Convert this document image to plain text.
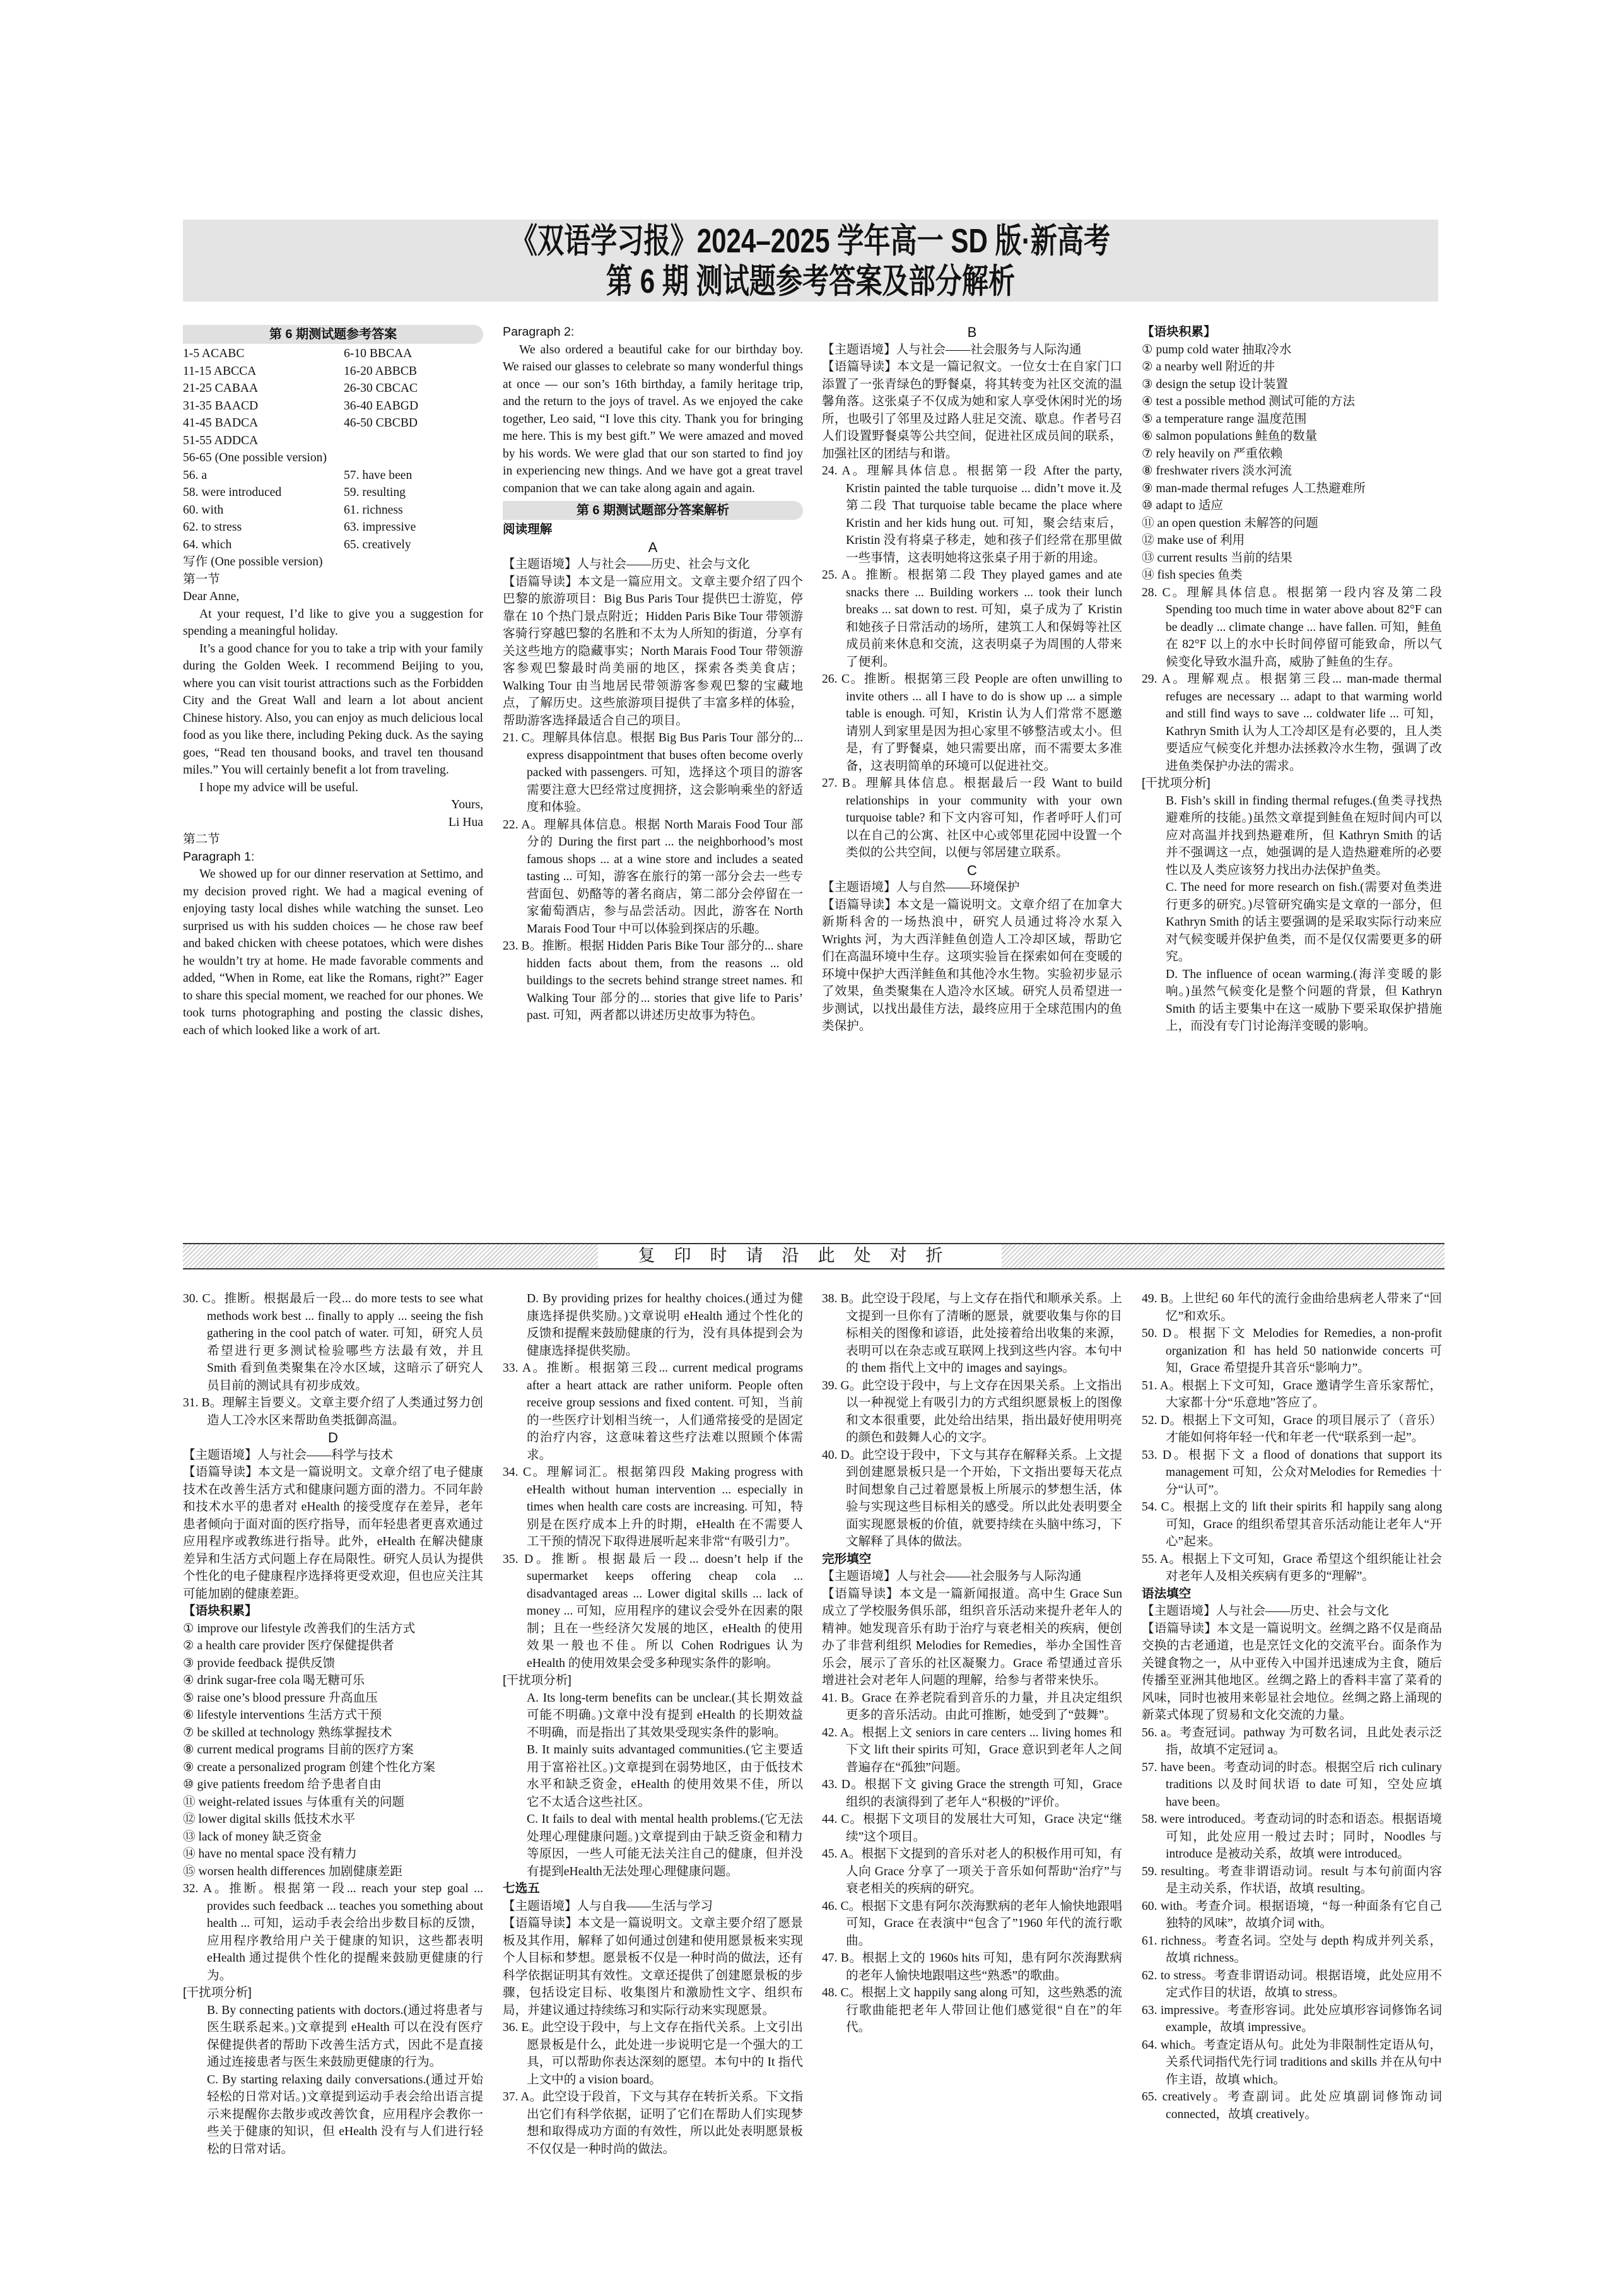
《双语学习报》2024–2025 学年高一 SD 版·新高考
第 6 期 测试题参考答案及部分解析
第 6 期测试题参考答案
1-5 ACABC	6-10 BBCAA
11-15 ABCCA	16-20 ABBCB
21-25 CABAA	26-30 CBCAC
31-35 BAACD	36-40 EABGD
41-45 BADCA	46-50 CBCBD
51-55 ADDCA

56-65 (One possible version)

56. a	57. have been
58. were introduced	59. resulting
60. with	61. richness
62. to stress	63. impressive
64. which	65. creatively

写作 (One possible version)

第一节

Dear Anne,

At your request, I’d like to give you a suggestion for spending a meaningful holiday.

It’s a good chance for you to take a trip with your family during the Golden Week. I recommend Beijing to you, where you can visit tourist attractions such as the Forbidden City and the Great Wall and learn a lot about ancient Chinese history. Also, you can enjoy as much delicious local food as you like there, including Peking duck. As the saying goes, “Read ten thousand books, and travel ten thousand miles.” You will certainly benefit a lot from traveling.

I hope my advice will be useful.

Yours,

Li Hua

第二节

Paragraph 1:

We showed up for our dinner reservation at Settimo, and my decision proved right. We had a magical evening of enjoying tasty local dishes while watching the sunset. Leo surprised us with his sudden choices — he chose raw beef and baked chicken with cheese potatoes, which were dishes he wouldn’t try at home. He made favorable comments and added, “When in Rome, eat like the Romans, right?” Eager to share this special moment, we reached for our phones. We took turns photographing and posting the classic dishes, each of which looked like a work of art.

Paragraph 2:

We also ordered a beautiful cake for our birthday boy. We raised our glasses to celebrate so many wonderful things at once — our son’s 16th birthday, a family heritage trip, and the return to the joys of travel. As we enjoyed the cake together, Leo said, “I love this city. Thank you for bringing me here. This is my best gift.” We were amazed and moved by his words. We were glad that our son started to find joy in experiencing new things. And we have got a great travel companion that we can take along again and again.

第 6 期测试题部分答案解析

阅读理解

A

【主题语境】人与社会——历史、社会与文化

【语篇导读】本文是一篇应用文。文章主要介绍了四个巴黎的旅游项目：Big Bus Paris Tour 提供巴士游览，停靠在 10 个热门景点附近；Hidden Paris Bike Tour 带领游客骑行穿越巴黎的名胜和不太为人所知的街道，分享有关这些地方的隐藏事实；North Marais Food Tour 带领游客参观巴黎最时尚美丽的地区，探索各类美食店；Walking Tour 由当地居民带领游客参观巴黎的宝藏地点，了解历史。这些旅游项目提供了丰富多样的体验，帮助游客选择最适合自己的项目。

21. C。理解具体信息。根据 Big Bus Paris Tour 部分的... express disappointment that buses often become overly packed with passengers. 可知，选择这个项目的游客需要注意大巴经常过度拥挤，这会影响乘坐的舒适度和体验。

22. A。理解具体信息。根据 North Marais Food Tour 部分的 During the first part ... the neighborhood’s most famous shops ... at a wine store and includes a seated tasting ... 可知，游客在旅行的第一部分会去一些专营面包、奶酪等的著名商店，第二部分会停留在一家葡萄酒店，参与品尝活动。因此，游客在 North Marais Food Tour 中可以体验到探店的乐趣。

23. B。推断。根据 Hidden Paris Bike Tour 部分的... share hidden facts about them, from the reasons ... old buildings to the secrets behind strange street names. 和 Walking Tour 部分的... stories that give life to Paris’ past. 可知，两者都以讲述历史故事为特色。

B

【主题语境】人与社会——社会服务与人际沟通

【语篇导读】本文是一篇记叙文。一位女士在自家门口添置了一张青绿色的野餐桌，将其转变为社区交流的温馨角落。这张桌子不仅成为她和家人享受休闲时光的场所，也吸引了邻里及过路人驻足交流、歇息。作者号召人们设置野餐桌等公共空间，促进社区成员间的联系，加强社区的团结与和谐。

24. A。理解具体信息。根据第一段 After the party, Kristin painted the table turquoise ... didn’t move it.及第二段 That turquoise table became the place where Kristin and her kids hung out. 可知，聚会结束后，Kristin 没有将桌子移走，她和孩子们经常在那里做一些事情，这表明她将这张桌子用于新的用途。

25. A。推断。根据第二段 They played games and ate snacks there ... Building workers ... took their lunch breaks ... sat down to rest. 可知，桌子成为了 Kristin 和她孩子日常活动的场所，建筑工人和保姆等社区成员前来休息和交流，这表明桌子为周围的人带来了便利。

26. C。推断。根据第三段 People are often unwilling to invite others ... all I have to do is show up ... a simple table is enough. 可知，Kristin 认为人们常常不愿邀请别人到家里是因为担心家里不够整洁或太小。但是，有了野餐桌，她只需要出席，而不需要太多准备，这表明简单的环境可以促进社交。

27. B。理解具体信息。根据最后一段 Want to build relationships in your community with your own turquoise table? 和下文内容可知，作者呼吁人们可以在自己的公寓、社区中心或邻里花园中设置一个类似的公共空间，以便与邻居建立联系。

C

【主题语境】人与自然——环境保护

【语篇导读】本文是一篇说明文。文章介绍了在加拿大新斯科舍的一场热浪中，研究人员通过将冷水泵入 Wrights 河，为大西洋鲑鱼创造人工冷却区域，帮助它们在高温环境中生存。这项实验旨在探索如何在变暖的环境中保护大西洋鲑鱼和其他冷水生物。实验初步显示了效果，鱼类聚集在人造冷水区域。研究人员希望进一步测试，以找出最佳方法，最终应用于全球范围内的鱼类保护。

【语块积累】

① pump cold water 抽取冷水

② a nearby well 附近的井

③ design the setup 设计装置

④ test a possible method 测试可能的方法

⑤ a temperature range 温度范围

⑥ salmon populations 鲑鱼的数量

⑦ rely heavily on 严重依赖

⑧ freshwater rivers 淡水河流

⑨ man-made thermal refuges 人工热避难所

⑩ adapt to 适应

⑪ an open question 未解答的问题

⑫ make use of 利用

⑬ current results 当前的结果

⑭ fish species 鱼类

28. C。理解具体信息。根据第一段内容及第二段 Spending too much time in water above about 82°F can be deadly ... climate change ... have fallen. 可知，鲑鱼在 82°F 以上的水中长时间停留可能致命，所以气候变化导致水温升高，威胁了鲑鱼的生存。

29. A。理解观点。根据第三段... man-made thermal refuges are necessary ... adapt to that warming world and still find ways to save ... coldwater life ... 可知，Kathryn Smith 认为人工冷却区是有必要的，且人类要适应气候变化并想办法拯救冷水生物，强调了改进鱼类保护办法的需求。

[干扰项分析]

B. Fish’s skill in finding thermal refuges.(鱼类寻找热避难所的技能。)虽然文章提到鲑鱼在短时间内可以应对高温并找到热避难所，但 Kathryn Smith 的话并不强调这一点，她强调的是人造热避难所的必要性以及人类应该努力找出办法保护鱼类。

C. The need for more research on fish.(需要对鱼类进行更多的研究。)尽管研究确实是文章的一部分，但 Kathryn Smith 的话主要强调的是采取实际行动来应对气候变暖并保护鱼类，而不是仅仅需要更多的研究。

D. The influence of ocean warming.(海洋变暖的影响。)虽然气候变化是整个问题的背景，但 Kathryn Smith 的话主要集中在这一威胁下要采取保护措施上，而没有专门讨论海洋变暖的影响。

复印时请沿此处对折

30. C。推断。根据最后一段... do more tests to see what methods work best ... finally to apply ... seeing the fish gathering in the cool patch of water. 可知，研究人员希望进行更多测试检验哪些方法最有效，并且 Smith 看到鱼类聚集在冷水区域，这暗示了研究人员目前的测试具有初步成效。

31. B。理解主旨要义。文章主要介绍了人类通过努力创造人工冷水区来帮助鱼类抵御高温。

D

【主题语境】人与社会——科学与技术

【语篇导读】本文是一篇说明文。文章介绍了电子健康技术在改善生活方式和健康问题方面的潜力。不同年龄和技术水平的患者对 eHealth 的接受度存在差异，老年患者倾向于面对面的医疗指导，而年轻患者更喜欢通过应用程序或教练进行指导。此外，eHealth 在解决健康差异和生活方式问题上存在局限性。研究人员认为提供个性化的电子健康程序选择将更受欢迎，但也应关注其可能加剧的健康差距。

【语块积累】

① improve our lifestyle 改善我们的生活方式

② a health care provider 医疗保健提供者

③ provide feedback 提供反馈

④ drink sugar-free cola 喝无糖可乐

⑤ raise one’s blood pressure 升高血压

⑥ lifestyle interventions 生活方式干预

⑦ be skilled at technology 熟练掌握技术

⑧ current medical programs 目前的医疗方案

⑨ create a personalized program 创建个性化方案

⑩ give patients freedom 给予患者自由

⑪ weight-related issues 与体重有关的问题

⑫ lower digital skills 低技术水平

⑬ lack of money 缺乏资金

⑭ have no mental space 没有精力

⑮ worsen health differences 加剧健康差距

32. A。推断。根据第一段... reach your step goal ... provides such feedback ... teaches you something about health ... 可知，运动手表会给出步数目标的反馈，应用程序教给用户关于健康的知识，这些都表明 eHealth 通过提供个性化的提醒来鼓励更健康的行为。

[干扰项分析]

B. By connecting patients with doctors.(通过将患者与医生联系起来。)文章提到 eHealth 可以在没有医疗保健提供者的帮助下改善生活方式，因此不是直接通过连接患者与医生来鼓励更健康的行为。

C. By starting relaxing daily conversations.(通过开始轻松的日常对话。)文章提到运动手表会给出语言提示来提醒你去散步或改善饮食，应用程序会教你一些关于健康的知识，但 eHealth 没有与人们进行轻松的日常对话。

D. By providing prizes for healthy choices.(通过为健康选择提供奖励。)文章说明 eHealth 通过个性化的反馈和提醒来鼓励健康的行为，没有具体提到会为健康选择提供奖励。

33. A。推断。根据第三段... current medical programs after a heart attack are rather uniform. People often receive group sessions and fixed content. 可知，当前的一些医疗计划相当统一，人们通常接受的是固定的治疗内容，这意味着这些疗法难以照顾个体需求。

34. C。理解词汇。根据第四段 Making progress with eHealth without human intervention ... especially in times when health care costs are increasing. 可知，特别是在医疗成本上升的时期，eHealth 在不需要人工干预的情况下取得进展听起来非常“有吸引力”。

35. D。推断。根据最后一段... doesn’t help if the supermarket keeps offering cheap cola ... disadvantaged areas ... Lower digital skills ... lack of money ... 可知，应用程序的建议会受外在因素的限制；且在一些经济欠发展的地区，eHealth 的使用效果一般也不佳。所以 Cohen Rodrigues 认为 eHealth 的使用效果会受多种现实条件的影响。

[干扰项分析]

A. Its long-term benefits can be unclear.(其长期效益可能不明确。)文章中没有提到 eHealth 的长期效益不明确，而是指出了其效果受现实条件的影响。

B. It mainly suits advantaged communities.(它主要适用于富裕社区。)文章提到在弱势地区，由于低技术水平和缺乏资金，eHealth 的使用效果不佳，所以它不太适合这些社区。

C. It fails to deal with mental health problems.(它无法处理心理健康问题。)文章提到由于缺乏资金和精力等原因，一些人可能无法关注自己的健康，但并没有提到eHealth无法处理心理健康问题。

七选五

【主题语境】人与自我——生活与学习

【语篇导读】本文是一篇说明文。文章主要介绍了愿景板及其作用，解释了如何通过创建和使用愿景板来实现个人目标和梦想。愿景板不仅是一种时尚的做法，还有科学依据证明其有效性。文章还提供了创建愿景板的步骤，包括设定目标、收集图片和激励性文字、组织布局，并建议通过持续练习和实际行动来实现愿景。

36. E。此空设于段中，与上文存在指代关系。上文引出愿景板是什么，此处进一步说明它是一个强大的工具，可以帮助你表达深刻的愿望。本句中的 It 指代上文中的 a vision board。

37. A。此空设于段首，下文与其存在转折关系。下文指出它们有科学依据，证明了它们在帮助人们实现梦想和取得成功方面的有效性，所以此处表明愿景板不仅仅是一种时尚的做法。

38. B。此空设于段尾，与上文存在指代和顺承关系。上文提到一旦你有了清晰的愿景，就要收集与你的目标相关的图像和谚语，此处接着给出收集的来源，表明可以在杂志或互联网上找到这些内容。本句中的 them 指代上文中的 images and sayings。

39. G。此空设于段中，与上文存在因果关系。上文指出以一种视觉上有吸引力的方式组织愿景板上的图像和文本很重要，此处给出结果，指出最好使用明亮的颜色和鼓舞人心的文字。

40. D。此空设于段中，下文与其存在解释关系。上文提到创建愿景板只是一个开始，下文指出要每天花点时间想象自己过着愿景板上所展示的梦想生活，体验与实现这些目标相关的感受。所以此处表明要全面实现愿景板的价值，就要持续在头脑中练习，下文解释了具体的做法。

完形填空

【主题语境】人与社会——社会服务与人际沟通

【语篇导读】本文是一篇新闻报道。高中生 Grace Sun 成立了学校服务俱乐部，组织音乐活动来提升老年人的精神。她发现音乐有助于治疗与衰老相关的疾病，便创办了非营利组织 Melodies for Remedies，举办全国性音乐会，展示了音乐的社区凝聚力。Grace 希望通过音乐增进社会对老年人问题的理解，给参与者带来快乐。

41. B。Grace 在养老院看到音乐的力量，并且决定组织更多的音乐活动。由此可推断，她受到了“鼓舞”。

42. A。根据上文 seniors in care centers ... living homes 和下文 lift their spirits 可知，Grace 意识到老年人之间普遍存在“孤独”问题。

43. D。根据下文 giving Grace the strength 可知，Grace 组织的表演得到了老年人“积极的”评价。

44. C。根据下文项目的发展壮大可知，Grace 决定“继续”这个项目。

45. A。根据下文提到的音乐对老人的积极作用可知，有人向 Grace 分享了一项关于音乐如何帮助“治疗”与衰老相关的疾病的研究。

46. C。根据下文患有阿尔茨海默病的老年人愉快地跟唱可知，Grace 在表演中“包含了”1960 年代的流行歌曲。

47. B。根据上文的 1960s hits 可知，患有阿尔茨海默病的老年人愉快地跟唱这些“熟悉”的歌曲。

48. C。根据上文 happily sang along 可知，这些熟悉的流行歌曲能把老年人带回让他们感觉很“自在”的年代。

49. B。上世纪 60 年代的流行金曲给患病老人带来了“回忆”和欢乐。

50. D。根据下文 Melodies for Remedies, a non-profit organization 和 has held 50 nationwide concerts 可知，Grace 希望提升其音乐“影响力”。

51. A。根据上下文可知，Grace 邀请学生音乐家帮忙，大家都十分“乐意地”答应了。

52. D。根据上下文可知，Grace 的项目展示了（音乐）才能如何将年轻一代和年老一代“联系到一起”。

53. D。根据下文 a flood of donations that support its management 可知，公众对Melodies for Remedies 十分“认可”。

54. C。根据上文的 lift their spirits 和 happily sang along 可知，Grace 的组织希望其音乐活动能让老年人“开心”起来。

55. A。根据上下文可知，Grace 希望这个组织能让社会对老年人及相关疾病有更多的“理解”。

语法填空

【主题语境】人与社会——历史、社会与文化

【语篇导读】本文是一篇说明文。丝绸之路不仅是商品交换的古老通道，也是烹饪文化的交流平台。面条作为关键食物之一，从中亚传入中国并迅速成为主食，随后传播至亚洲其他地区。丝绸之路上的香料丰富了菜肴的风味，同时也被用来彰显社会地位。丝绸之路上涌现的新菜式体现了贸易和文化交流的力量。

56. a。考查冠词。pathway 为可数名词，且此处表示泛指，故填不定冠词 a。

57. have been。考查动词的时态。根据空后 rich culinary traditions 以及时间状语 to date 可知，空处应填 have been。

58. were introduced。考查动词的时态和语态。根据语境可知，此处应用一般过去时；同时，Noodles 与 introduce 是被动关系，故填 were introduced。

59. resulting。考查非谓语动词。result 与本句前面内容是主动关系，作状语，故填 resulting。

60. with。考查介词。根据语境，“每一种面条有它自己独特的风味”，故填介词 with。

61. richness。考查名词。空处与 depth 构成并列关系，故填 richness。

62. to stress。考查非谓语动词。根据语境，此处应用不定式作目的状语，故填 to stress。

63. impressive。考查形容词。此处应填形容词修饰名词 example，故填 impressive。

64. which。考查定语从句。此处为非限制性定语从句，关系代词指代先行词 traditions and skills 并在从句中作主语，故填 which。

65. creatively。考查副词。此处应填副词修饰动词 connected，故填 creatively。
